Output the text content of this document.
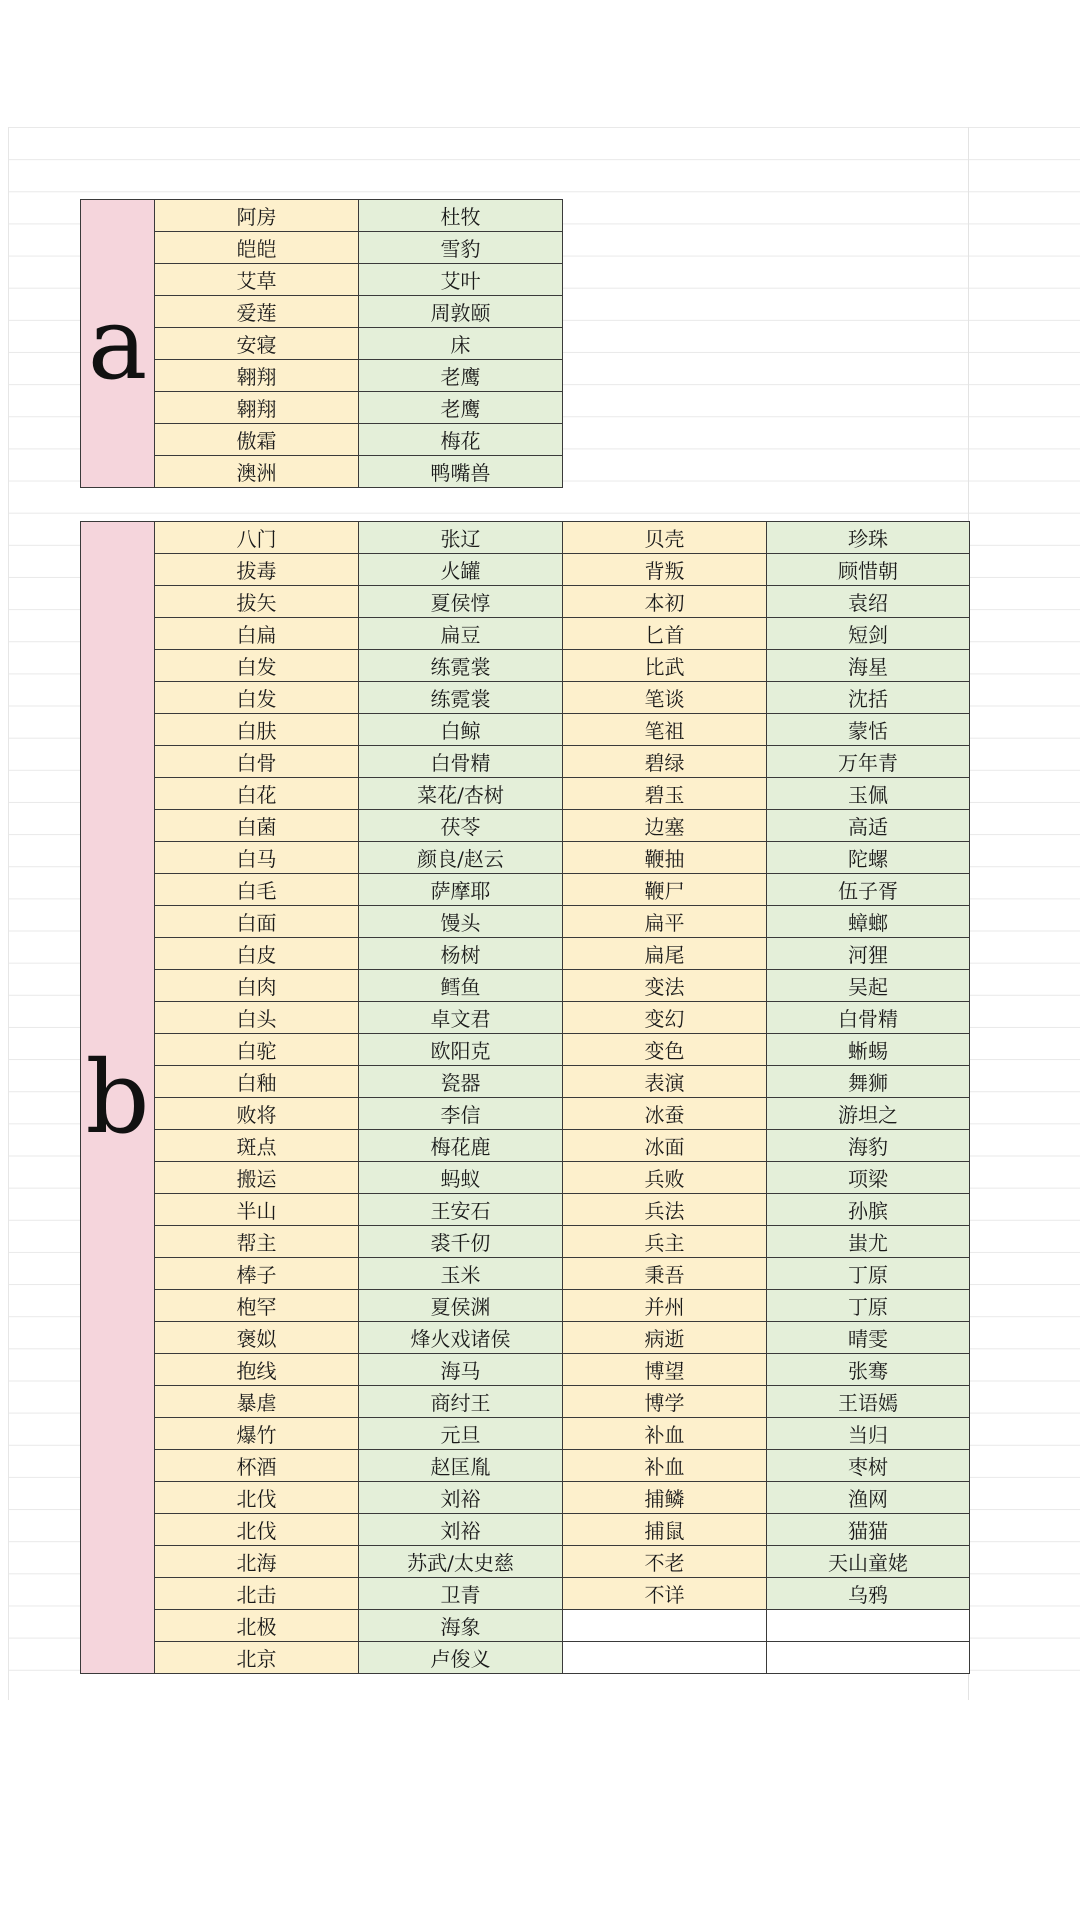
a	阿房	杜牧
	皑皑	雪豹
	艾草	艾叶
	爱莲	周敦颐
	安寝	床
	翱翔	老鹰
	翱翔	老鹰
	傲霜	梅花
	澳洲	鸭嘴兽
b	八门	张辽	贝壳	珍珠
	拔毒	火罐	背叛	顾惜朝
	拔矢	夏侯惇	本初	袁绍
	白扁	扁豆	匕首	短剑
	白发	练霓裳	比武	海星
	白发	练霓裳	笔谈	沈括
	白肤	白鲸	笔祖	蒙恬
	白骨	白骨精	碧绿	万年青
	白花	菜花/杏树	碧玉	玉佩
	白菌	茯苓	边塞	高适
	白马	颜良/赵云	鞭抽	陀螺
	白毛	萨摩耶	鞭尸	伍子胥
	白面	馒头	扁平	蟑螂
	白皮	杨树	扁尾	河狸
	白肉	鳕鱼	变法	吴起
	白头	卓文君	变幻	白骨精
	白驼	欧阳克	变色	蜥蜴
	白釉	瓷器	表演	舞狮
	败将	李信	冰蚕	游坦之
	斑点	梅花鹿	冰面	海豹
	搬运	蚂蚁	兵败	项梁
	半山	王安石	兵法	孙膑
	帮主	裘千仞	兵主	蚩尤
	棒子	玉米	秉吾	丁原
	枹罕	夏侯渊	并州	丁原
	褒姒	烽火戏诸侯	病逝	晴雯
	抱线	海马	博望	张骞
	暴虐	商纣王	博学	王语嫣
	爆竹	元旦	补血	当归
	杯酒	赵匡胤	补血	枣树
	北伐	刘裕	捕鳞	渔网
	北伐	刘裕	捕鼠	猫猫
	北海	苏武/太史慈	不老	天山童姥
	北击	卫青	不详	乌鸦
	北极	海象		
	北京	卢俊义		
